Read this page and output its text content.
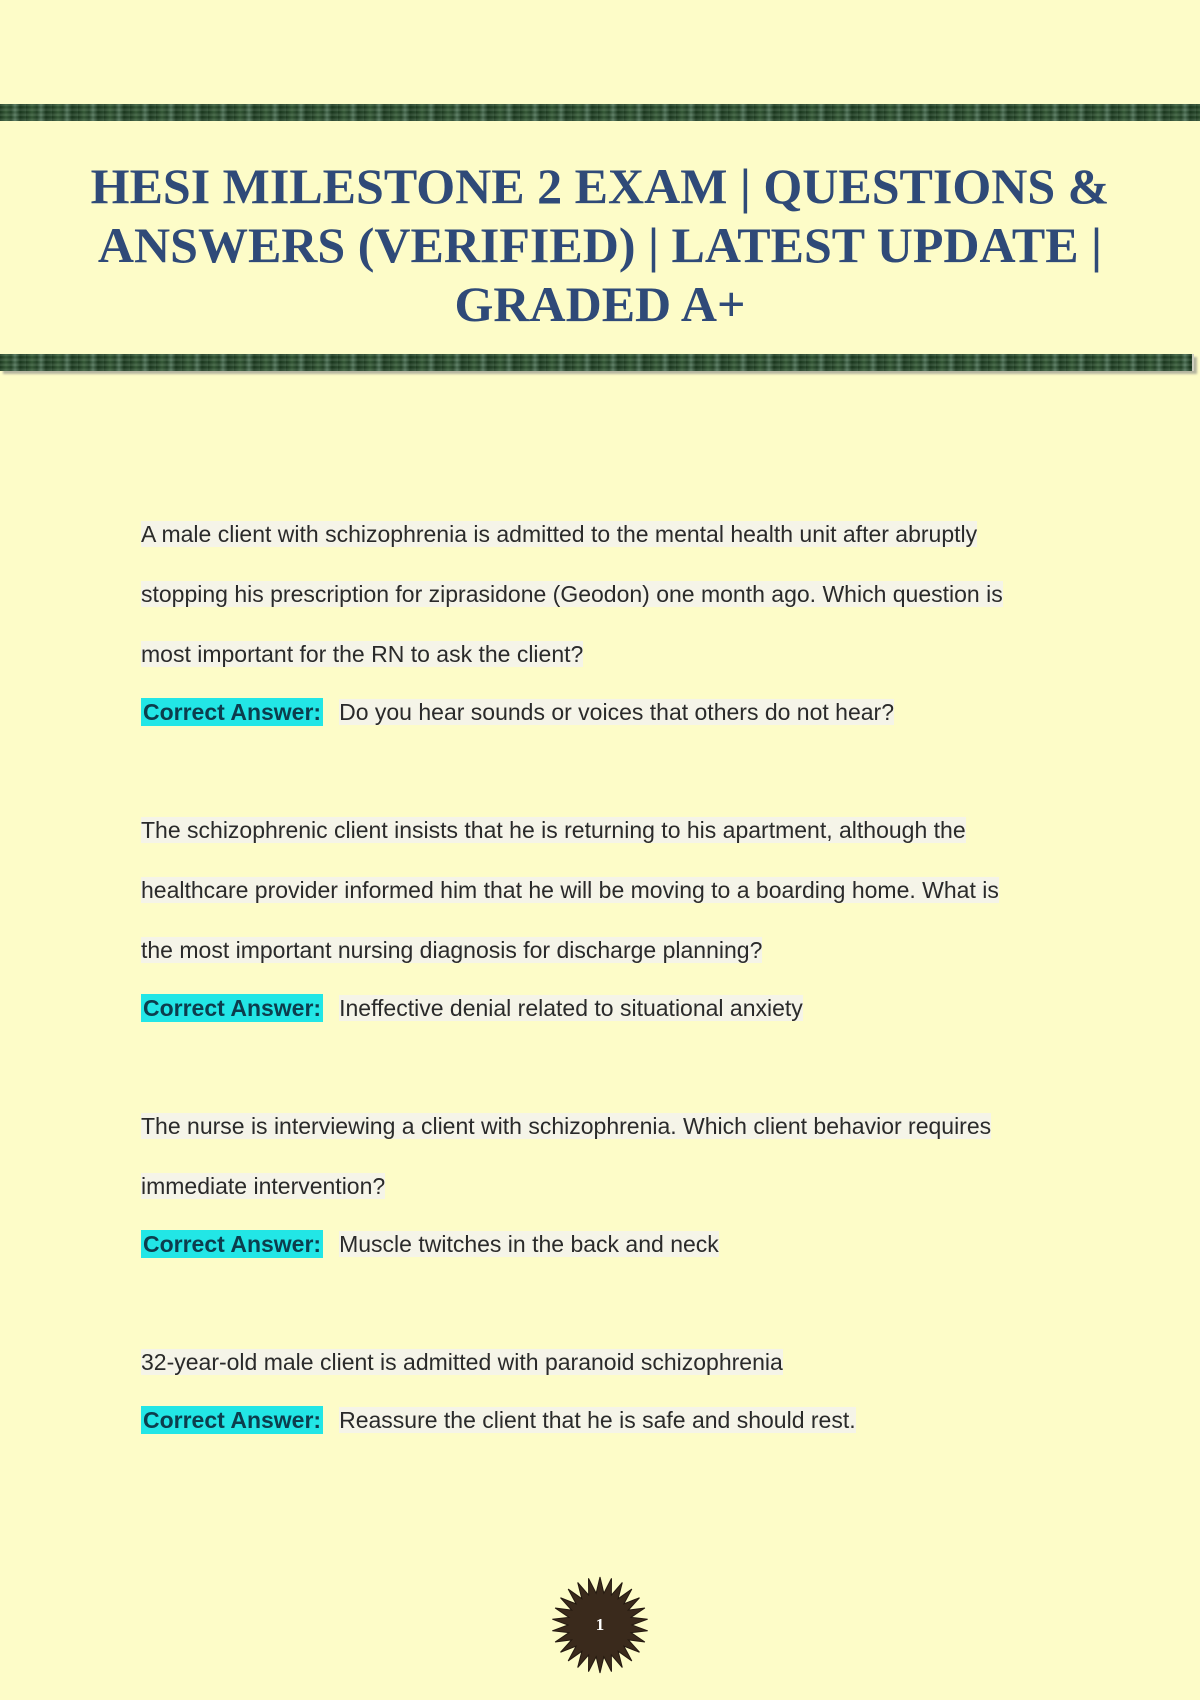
HESI MILESTONE 2 EXAM | QUESTIONS & ANSWERS (VERIFIED) | LATEST UPDATE | GRADED A+

A male client with schizophrenia is admitted to the mental health unit after abruptly
stopping his prescription for ziprasidone (Geodon) one month ago. Which question is
most important for the RN to ask the client?

Correct Answer: Do you hear sounds or voices that others do not hear?

The schizophrenic client insists that he is returning to his apartment, although the
healthcare provider informed him that he will be moving to a boarding home. What is
the most important nursing diagnosis for discharge planning?

Correct Answer: Ineffective denial related to situational anxiety

The nurse is interviewing a client with schizophrenia. Which client behavior requires
immediate intervention?

Correct Answer: Muscle twitches in the back and neck

32-year-old male client is admitted with paranoid schizophrenia

Correct Answer: Reassure the client that he is safe and should rest.

1
